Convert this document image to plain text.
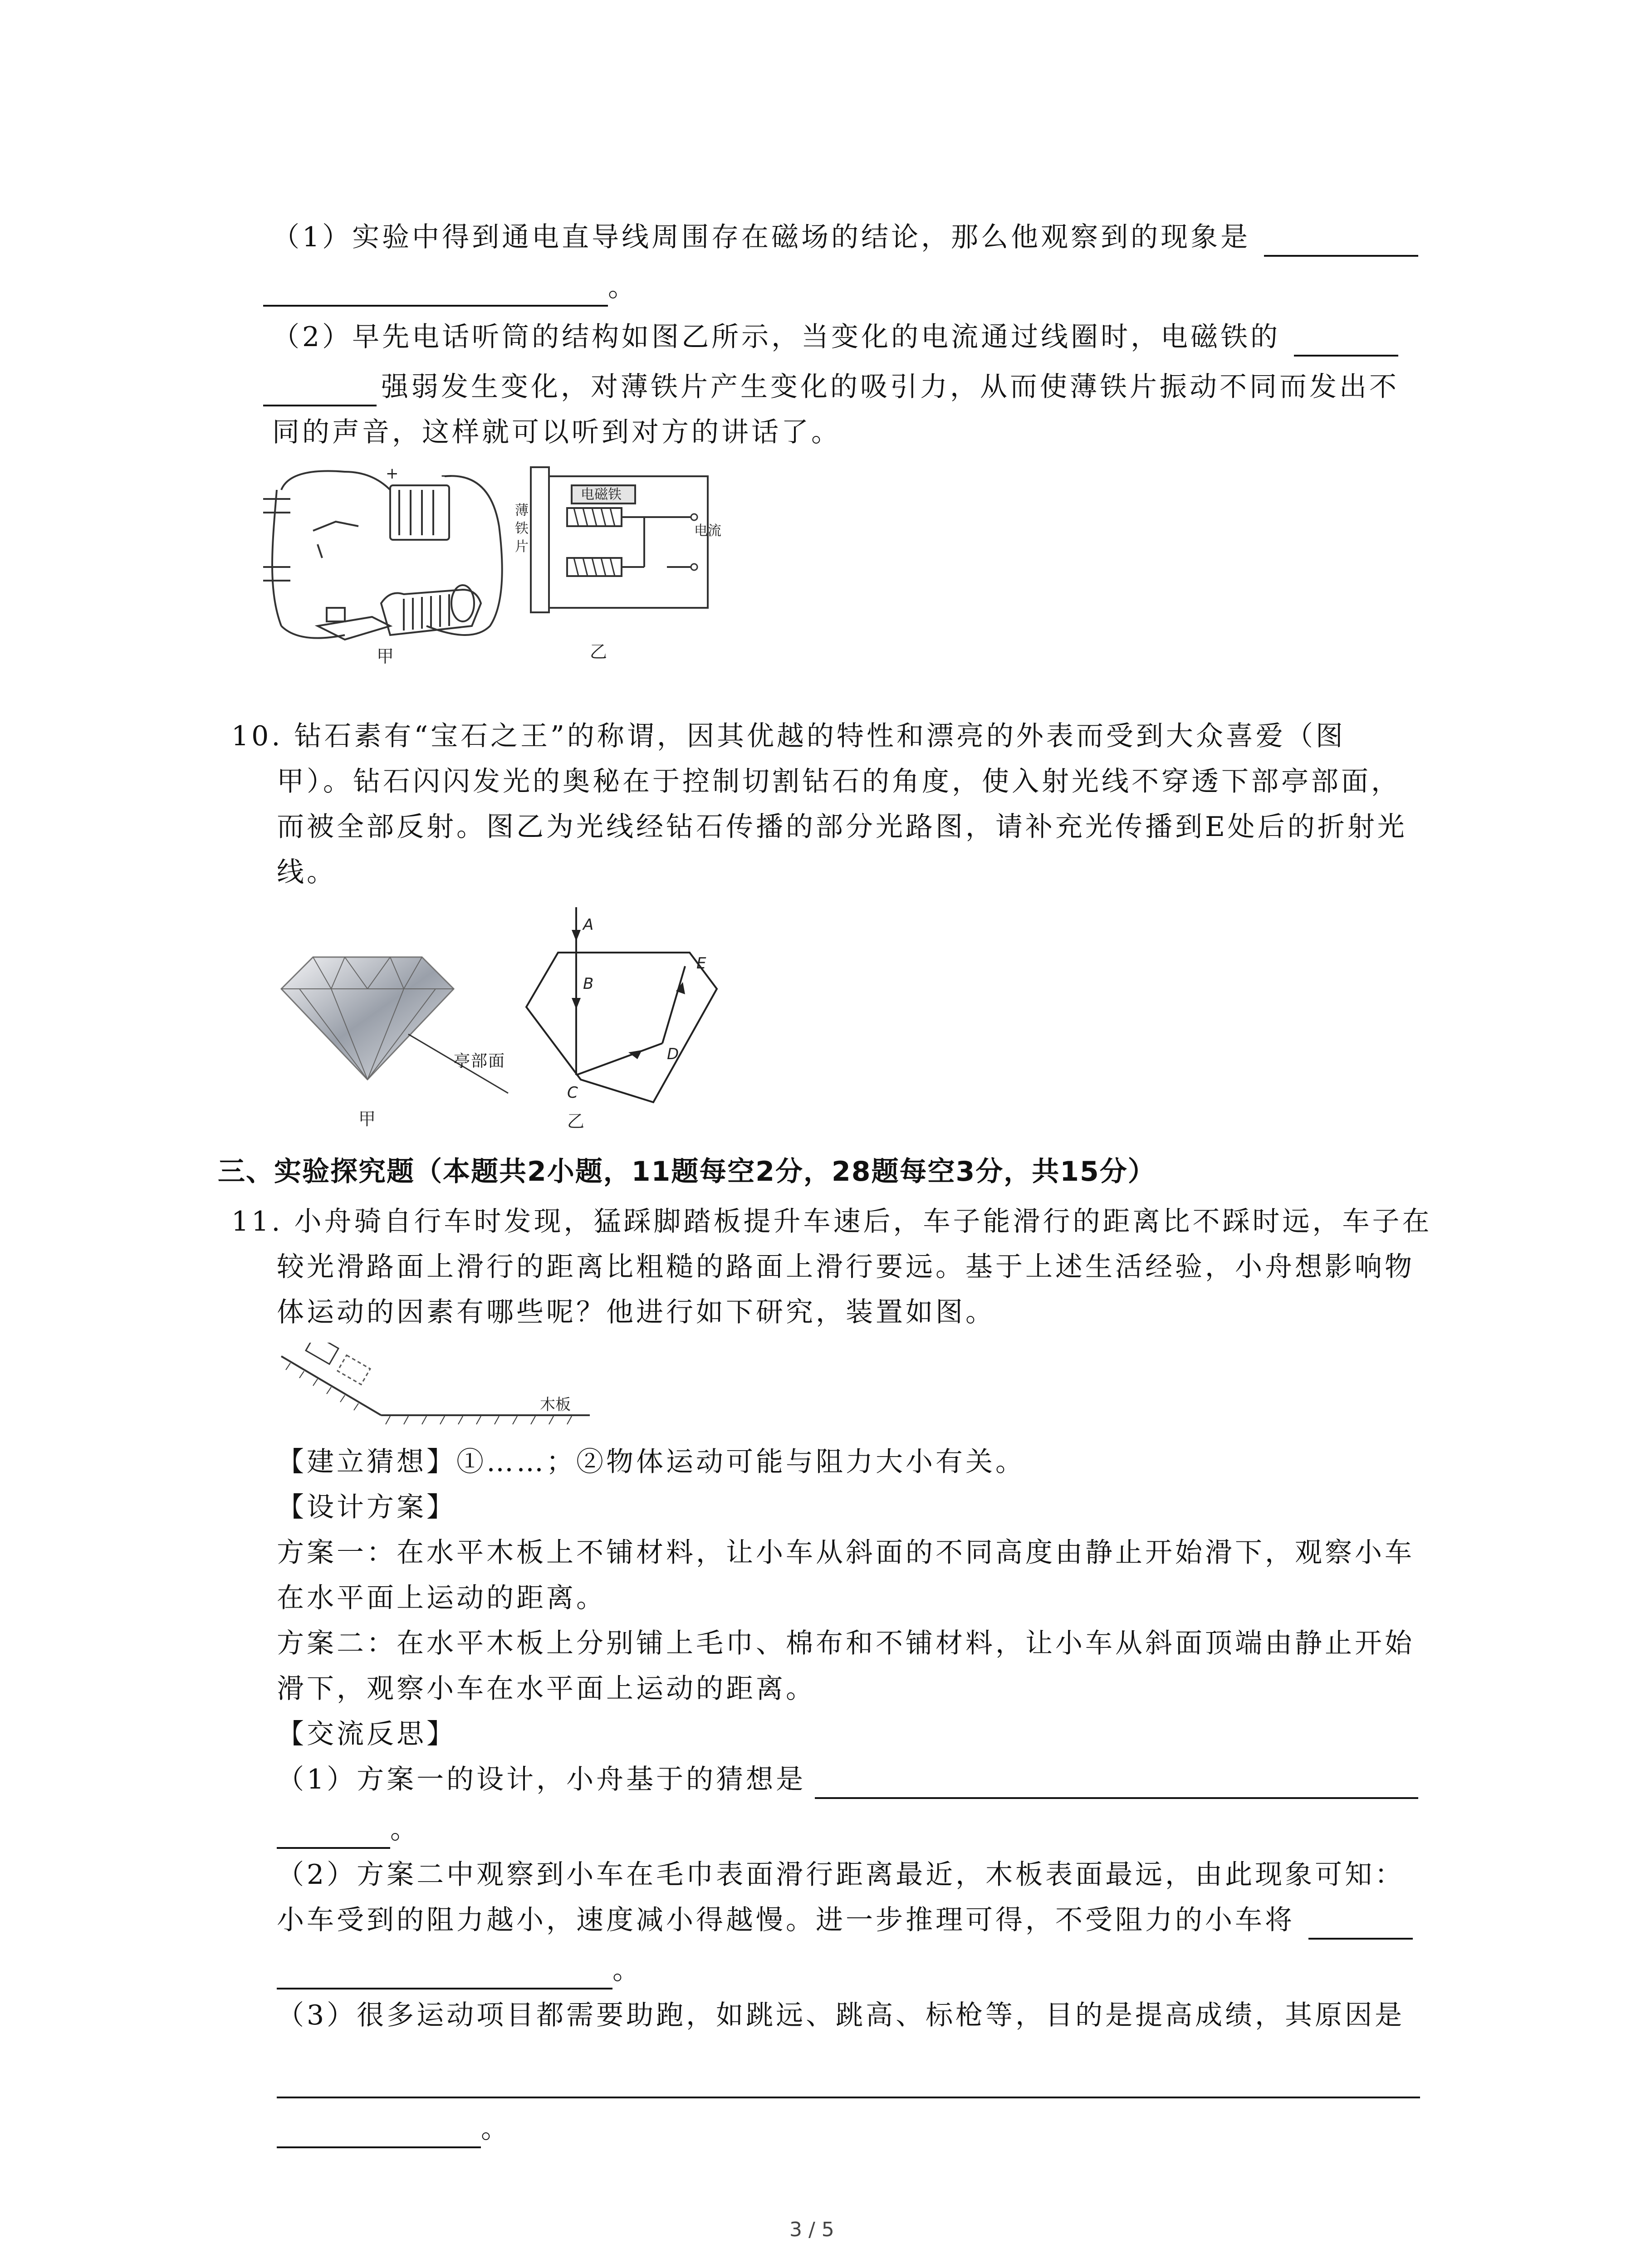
（1）实验中得到通电直导线周围存在磁场的结论，那么他观察到的现象是
。
（2）早先电话听筒的结构如图乙所示，当变化的电流通过线圈时，电磁铁的
强弱发生变化，对薄铁片产生变化的吸引力，从而使薄铁片振动不同而发出不
同的声音，这样就可以听到对方的讲话了。
+	−
甲
电磁铁
电流
薄
铁
片
乙
10. 钻石素有“宝石之王”的称谓，因其优越的特性和漂亮的外表而受到大众喜爱（图
甲）。钻石闪闪发光的奥秘在于控制切割钻石的角度，使入射光线不穿透下部亭部面，
而被全部反射。图乙为光线经钻石传播的部分光路图，请补充光传播到E处后的折射光
线。
甲
A
B
C
D
E
乙
亭部面
三、实验探究题（本题共2小题，11题每空2分，28题每空3分，共15分）
11. 小舟骑自行车时发现，猛踩脚踏板提升车速后，车子能滑行的距离比不踩时远，车子在
较光滑路面上滑行的距离比粗糙的路面上滑行要远。基于上述生活经验，小舟想影响物
体运动的因素有哪些呢？他进行如下研究，装置如图。
木板
【建立猜想】①……；②物体运动可能与阻力大小有关。
【设计方案】
方案一：在水平木板上不铺材料，让小车从斜面的不同高度由静止开始滑下，观察小车
在水平面上运动的距离。
方案二：在水平木板上分别铺上毛巾、棉布和不铺材料，让小车从斜面顶端由静止开始
滑下，观察小车在水平面上运动的距离。
【交流反思】
（1）方案一的设计，小舟基于的猜想是
。
（2）方案二中观察到小车在毛巾表面滑行距离最近，木板表面最远，由此现象可知：
小车受到的阻力越小，速度减小得越慢。进一步推理可得，不受阻力的小车将
。
（3）很多运动项目都需要助跑，如跳远、跳高、标枪等，目的是提高成绩，其原因是
。
3 / 5
